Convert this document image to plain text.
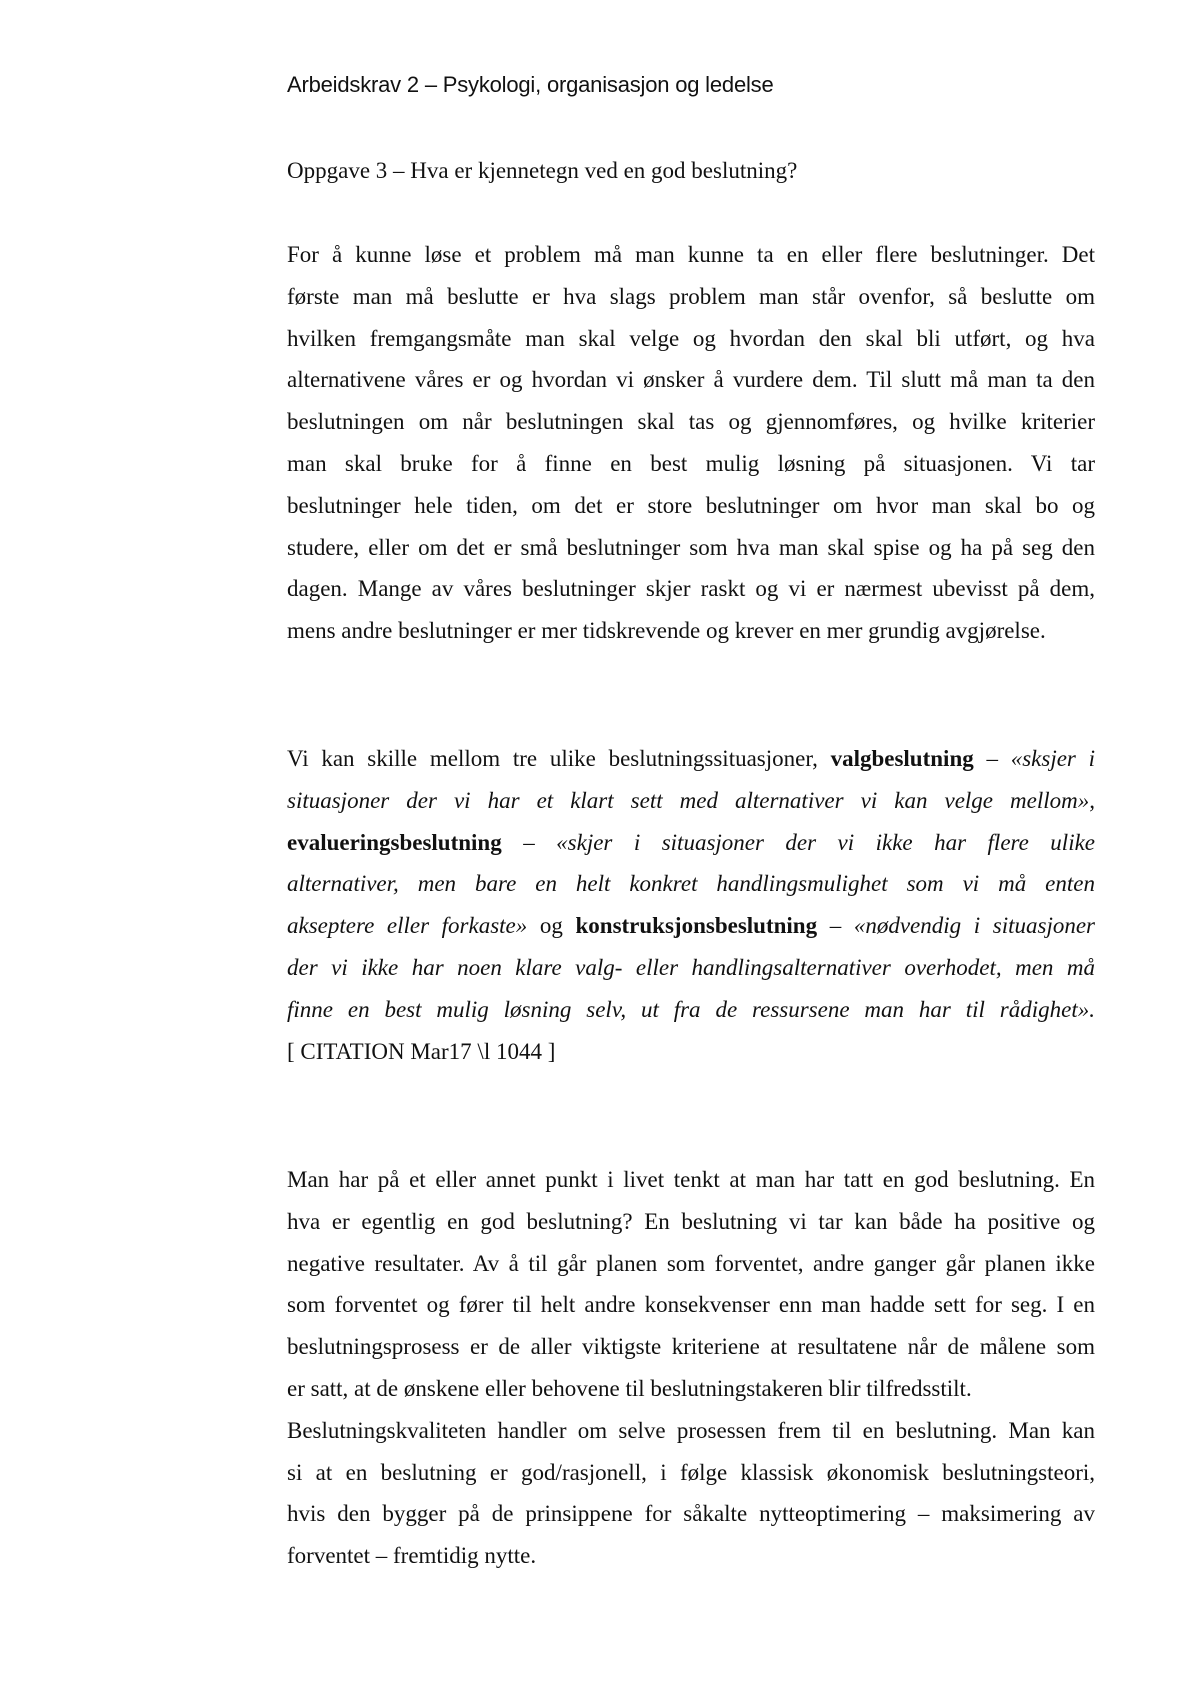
Arbeidskrav 2 – Psykologi, organisasjon og ledelse
Oppgave 3 – Hva er kjennetegn ved en god beslutning?
For å kunne løse et problem må man kunne ta en eller flere beslutninger. Det
første man må beslutte er hva slags problem man står ovenfor, så beslutte om
hvilken fremgangsmåte man skal velge og hvordan den skal bli utført, og hva
alternativene våres er og hvordan vi ønsker å vurdere dem. Til slutt må man ta den
beslutningen om når beslutningen skal tas og gjennomføres, og hvilke kriterier
man skal bruke for å finne en best mulig løsning på situasjonen. Vi tar
beslutninger hele tiden, om det er store beslutninger om hvor man skal bo og
studere, eller om det er små beslutninger som hva man skal spise og ha på seg den
dagen. Mange av våres beslutninger skjer raskt og vi er nærmest ubevisst på dem,
mens andre beslutninger er mer tidskrevende og krever en mer grundig avgjørelse.
Vi kan skille mellom tre ulike beslutningssituasjoner, valgbeslutning – «sksjer i
situasjoner der vi har et klart sett med alternativer vi kan velge mellom»,
evalueringsbeslutning – «skjer i situasjoner der vi ikke har flere ulike
alternativer, men bare en helt konkret handlingsmulighet som vi må enten
akseptere eller forkaste» og konstruksjonsbeslutning – «nødvendig i situasjoner
der vi ikke har noen klare valg- eller handlingsalternativer overhodet, men må
finne en best mulig løsning selv, ut fra de ressursene man har til rådighet».
[ CITATION Mar17 \l 1044 ]
Man har på et eller annet punkt i livet tenkt at man har tatt en god beslutning. En
hva er egentlig en god beslutning? En beslutning vi tar kan både ha positive og
negative resultater. Av å til går planen som forventet, andre ganger går planen ikke
som forventet og fører til helt andre konsekvenser enn man hadde sett for seg. I en
beslutningsprosess er de aller viktigste kriteriene at resultatene når de målene som
er satt, at de ønskene eller behovene til beslutningstakeren blir tilfredsstilt.
Beslutningskvaliteten handler om selve prosessen frem til en beslutning. Man kan
si at en beslutning er god/rasjonell, i følge klassisk økonomisk beslutningsteori,
hvis den bygger på de prinsippene for såkalte nytteoptimering – maksimering av
forventet – fremtidig nytte.
